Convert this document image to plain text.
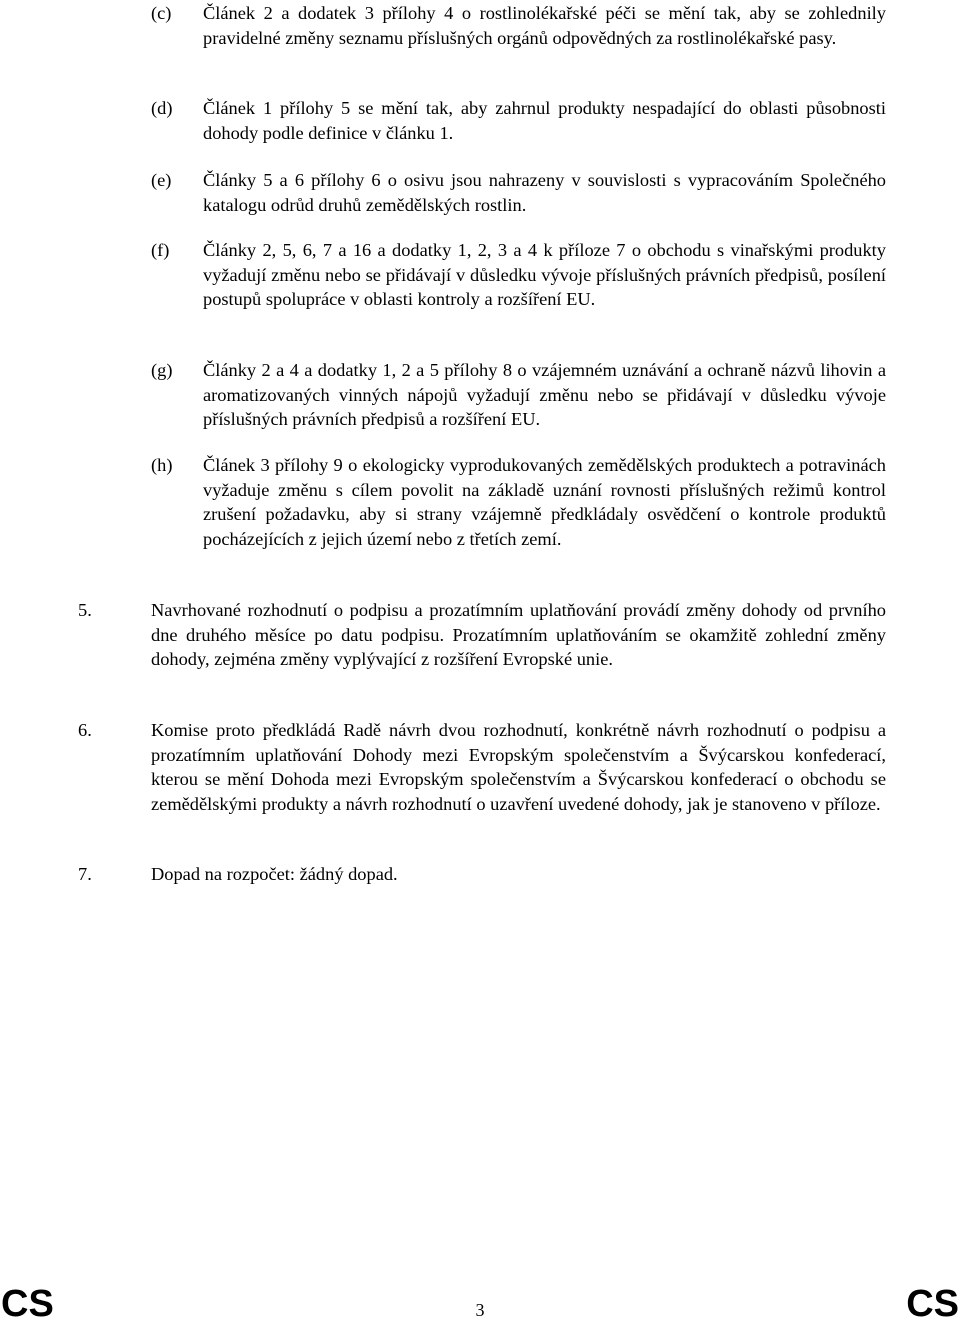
(c) Článek 2 a dodatek 3 přílohy 4 o rostlinolékařské péči se mění tak, aby se zohlednily pravidelné změny seznamu příslušných orgánů odpovědných za rostlinolékařské pasy.
(d) Článek 1 přílohy 5 se mění tak, aby zahrnul produkty nespadající do oblasti působnosti dohody podle definice v článku 1.
(e) Články 5 a 6 přílohy 6 o osivu jsou nahrazeny v souvislosti s vypracováním Společného katalogu odrůd druhů zemědělských rostlin.
(f) Články 2, 5, 6, 7 a 16 a dodatky 1, 2, 3 a 4 k příloze 7 o obchodu s vinařskými produkty vyžadují změnu nebo se přidávají v důsledku vývoje příslušných právních předpisů, posílení postupů spolupráce v oblasti kontroly a rozšíření EU.
(g) Články 2 a 4 a dodatky 1, 2 a 5 přílohy 8 o vzájemném uznávání a ochraně názvů lihovin a aromatizovaných vinných nápojů vyžadují změnu nebo se přidávají v důsledku vývoje příslušných právních předpisů a rozšíření EU.
(h) Článek 3 přílohy 9 o ekologicky vyprodukovaných zemědělských produktech a potravinách vyžaduje změnu s cílem povolit na základě uznání rovnosti příslušných režimů kontrol zrušení požadavku, aby si strany vzájemně předkládaly osvědčení o kontrole produktů pocházejících z jejich území nebo z třetích zemí.
5.	Navrhované rozhodnutí o podpisu a prozatímním uplatňování provádí změny dohody od prvního dne druhého měsíce po datu podpisu. Prozatímním uplatňováním se okamžitě zohlední změny dohody, zejména změny vyplývající z rozšíření Evropské unie.
6.	Komise proto předkládá Radě návrh dvou rozhodnutí, konkrétně návrh rozhodnutí o podpisu a prozatímním uplatňování Dohody mezi Evropským společenstvím a Švýcarskou konfederací, kterou se mění Dohoda mezi Evropským společenstvím a Švýcarskou konfederací o obchodu se zemědělskými produkty a návrh rozhodnutí o uzavření uvedené dohody, jak je stanoveno v příloze.
7.	Dopad na rozpočet: žádný dopad.
CS	3	CS
